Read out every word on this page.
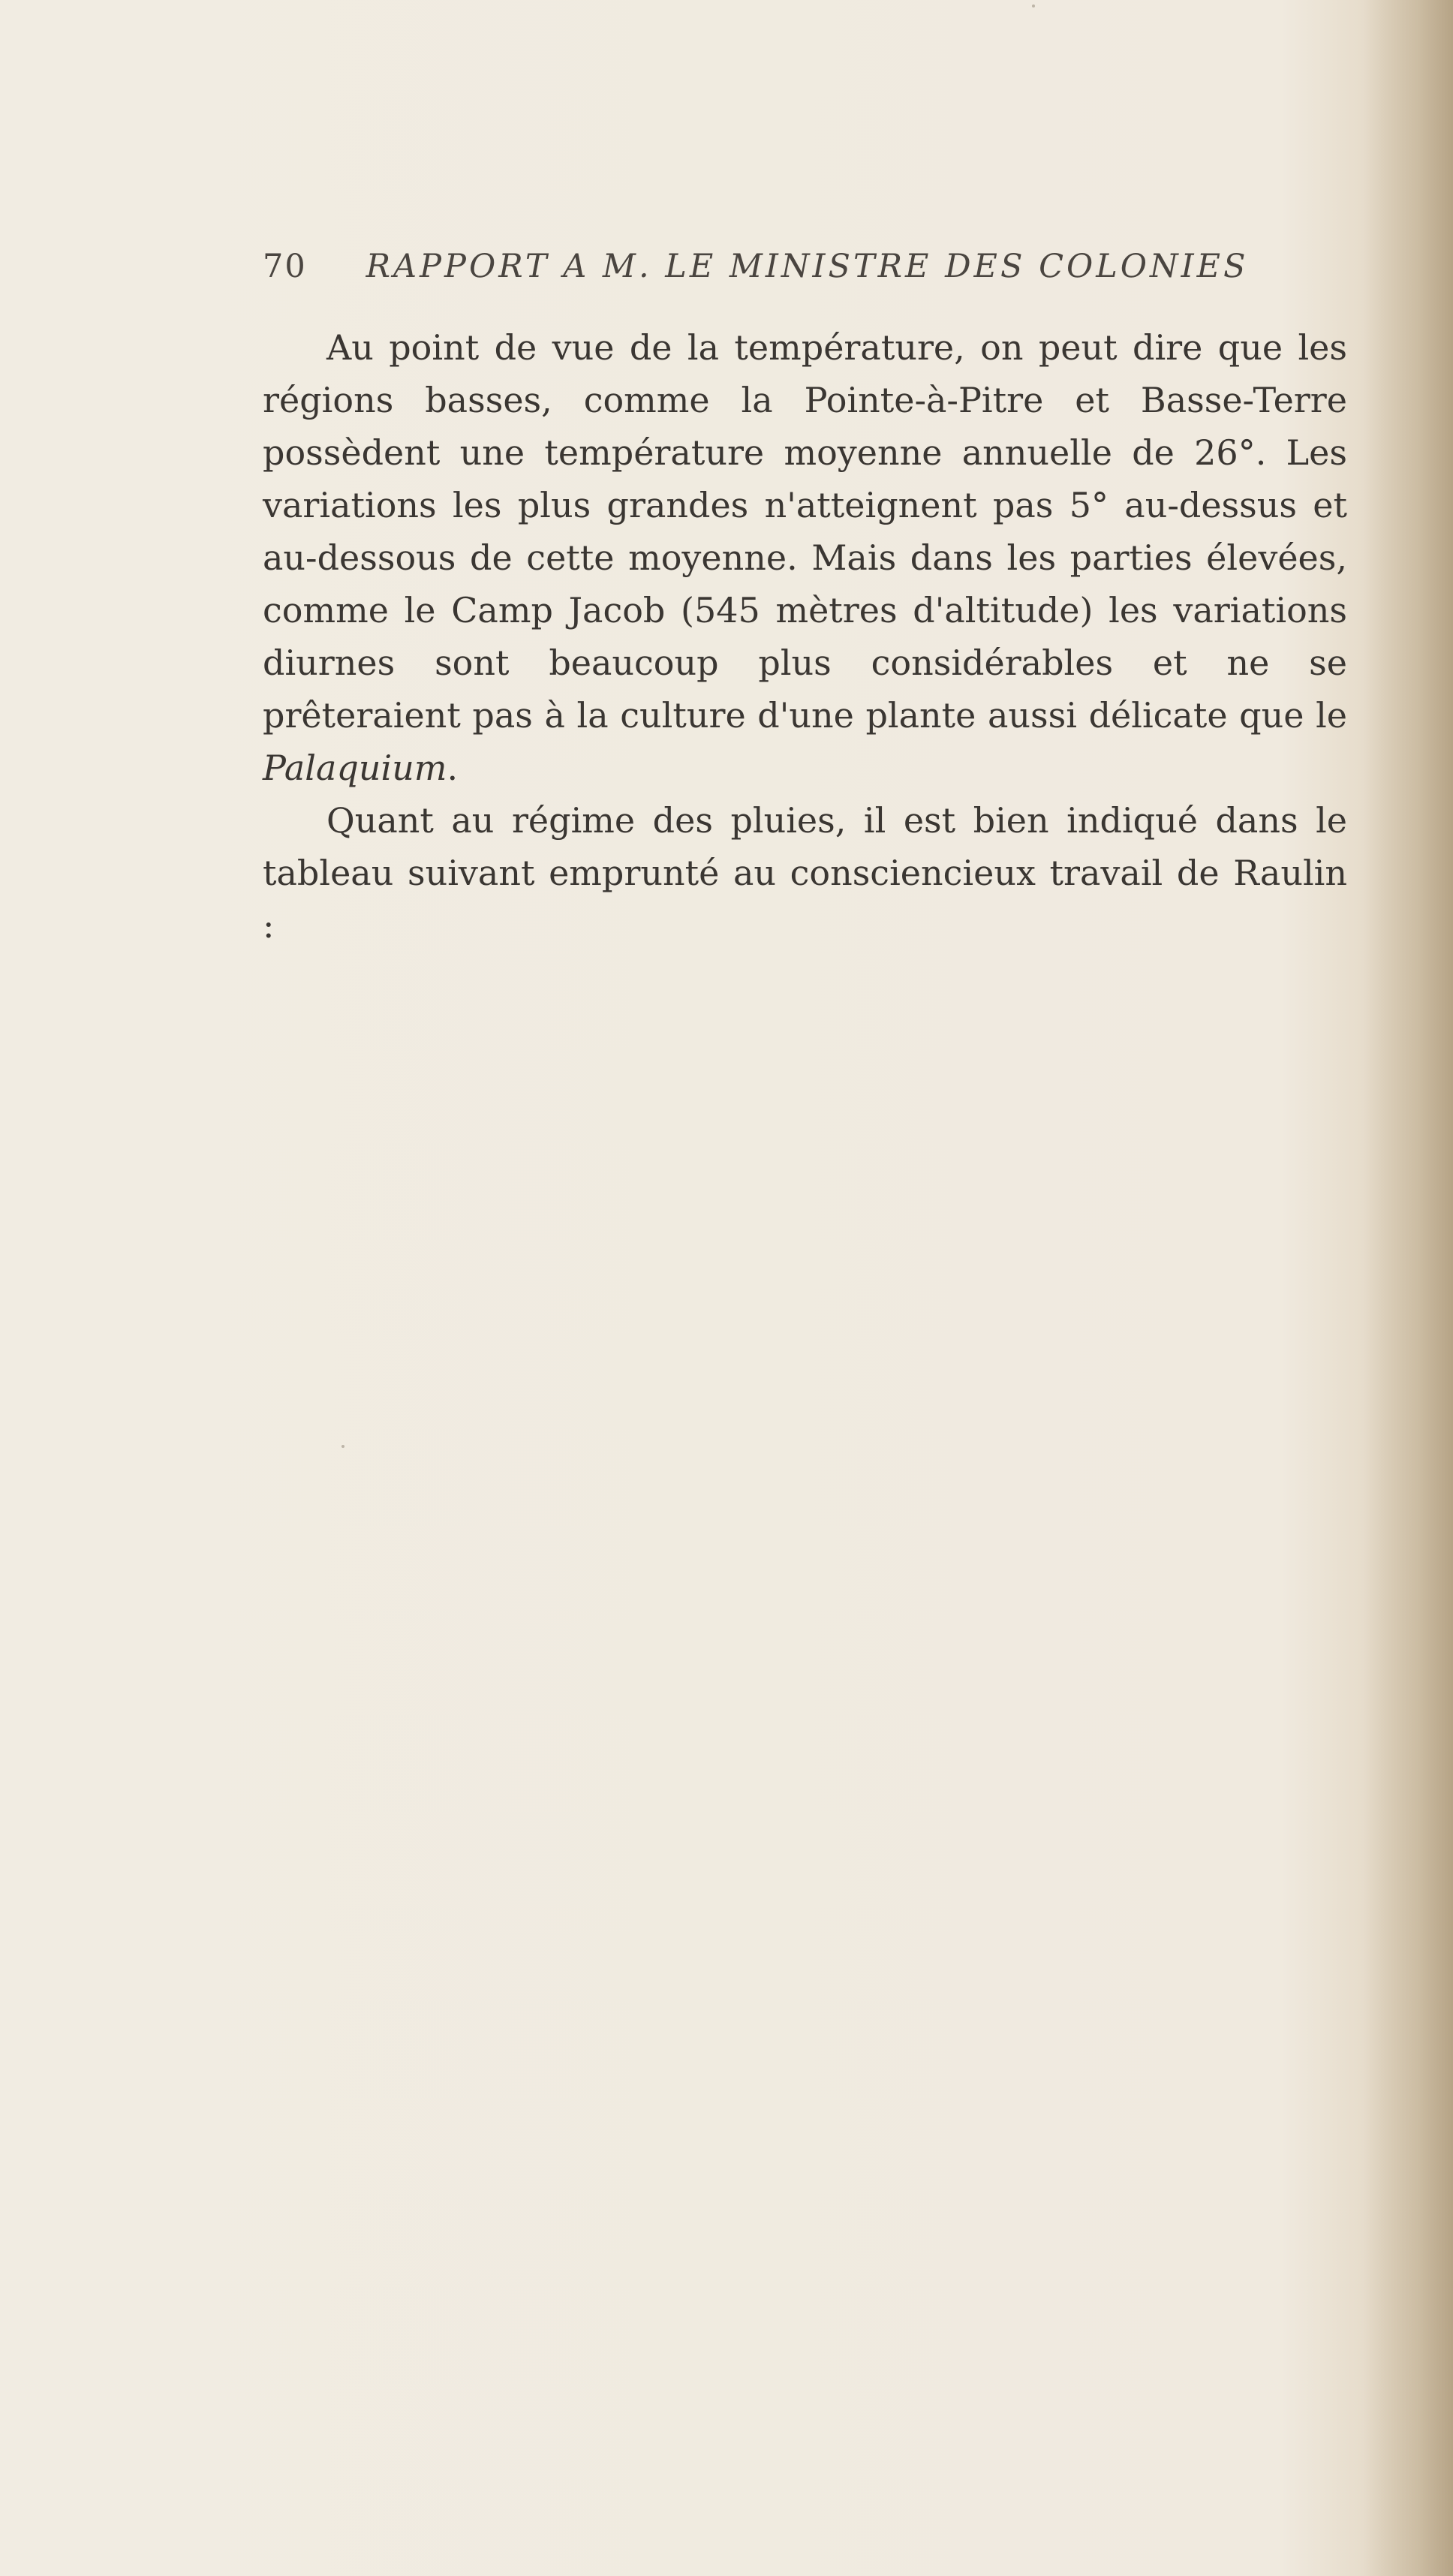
70 RAPPORT A M. LE MINISTRE DES COLONIES

Au point de vue de la température, on peut dire que les régions basses, comme la Pointe-à-Pitre et Basse-Terre possèdent une température moyenne annuelle de 26°. Les variations les plus grandes n'atteignent pas 5° au-dessus et au-dessous de cette moyenne. Mais dans les parties élevées, comme le Camp Jacob (545 mètres d'altitude) les variations diurnes sont beaucoup plus considérables et ne se prêteraient pas à la culture d'une plante aussi délicate que le Palaquium.

Quant au régime des pluies, il est bien indiqué dans le tableau suivant emprunté au consciencieux travail de Raulin :
